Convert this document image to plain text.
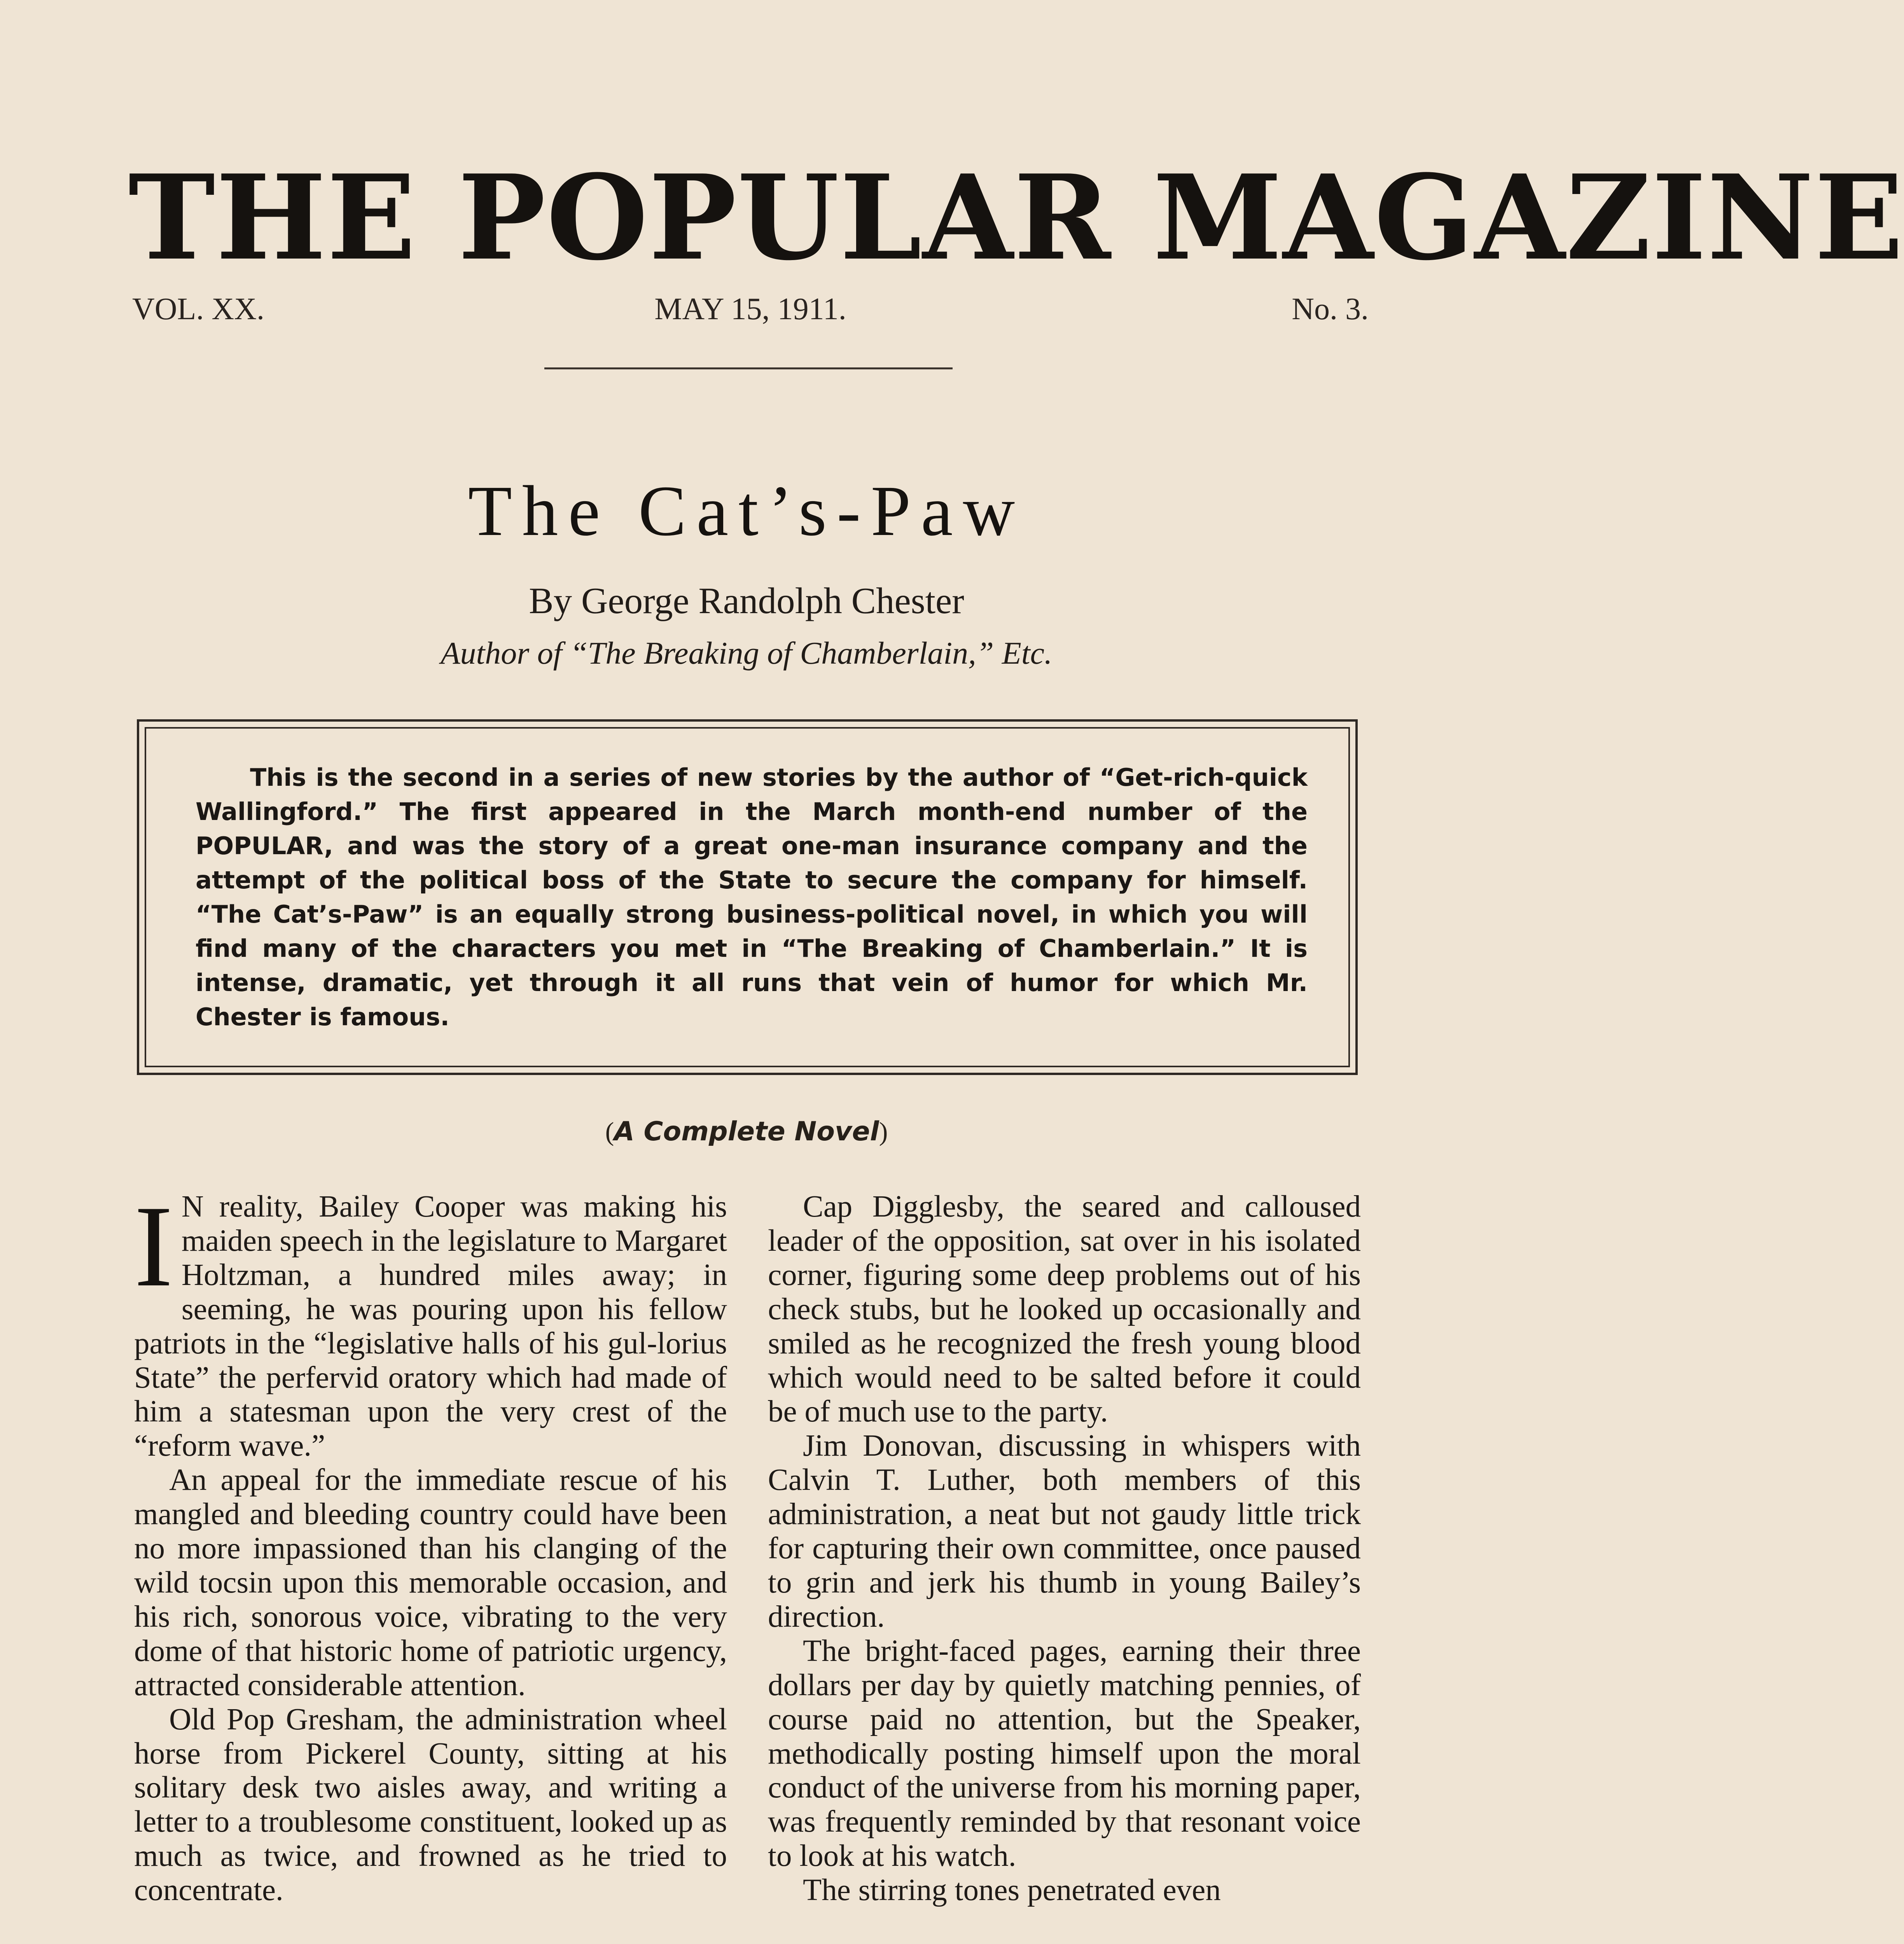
THE POPULAR MAGAZINE
VOL. XX.	MAY 15, 1911.	No. 3.
The Cat’s-Paw
By George Randolph Chester
Author of “The Breaking of Chamberlain,” Etc.

This is the second in a series of new stories by the author of “Get-rich-quick Wallingford.” The first appeared in the March month-end number of the POPULAR, and was the story of a great one-man insurance company and the attempt of the political boss of the State to secure the company for himself. “The Cat’s-Paw” is an equally strong business-political novel, in which you will find many of the characters you met in “The Breaking of Chamberlain.” It is intense, dramatic, yet through it all runs that vein of humor for which Mr. Chester is famous.

(A Complete Novel)

I N reality, Bailey Cooper was making his maiden speech in the legislature to Margaret Holtzman, a hundred miles away; in seeming, he was pouring upon his fellow patriots in the “legislative halls of his gul-lorius State” the perfervid oratory which had made of him a statesman upon the very crest of the “reform wave.”

An appeal for the immediate rescue of his mangled and bleeding country could have been no more impassioned than his clanging of the wild tocsin upon this memorable occasion, and his rich, sonorous voice, vibrating to the very dome of that historic home of patriotic urgency, attracted considerable attention.

Old Pop Gresham, the administration wheel horse from Pickerel County, sitting at his solitary desk two aisles away, and writing a letter to a troublesome constituent, looked up as much as twice, and frowned as he tried to concentrate.

Cap Digglesby, the seared and calloused leader of the opposition, sat over in his isolated corner, figuring some deep problems out of his check stubs, but he looked up occasionally and smiled as he recognized the fresh young blood which would need to be salted before it could be of much use to the party.

Jim Donovan, discussing in whispers with Calvin T. Luther, both members of this administration, a neat but not gaudy little trick for capturing their own committee, once paused to grin and jerk his thumb in young Bailey’s direction.

The bright-faced pages, earning their three dollars per day by quietly matching pennies, of course paid no attention, but the Speaker, methodically posting himself upon the moral conduct of the universe from his morning paper, was frequently reminded by that resonant voice to look at his watch.

The stirring tones penetrated even
